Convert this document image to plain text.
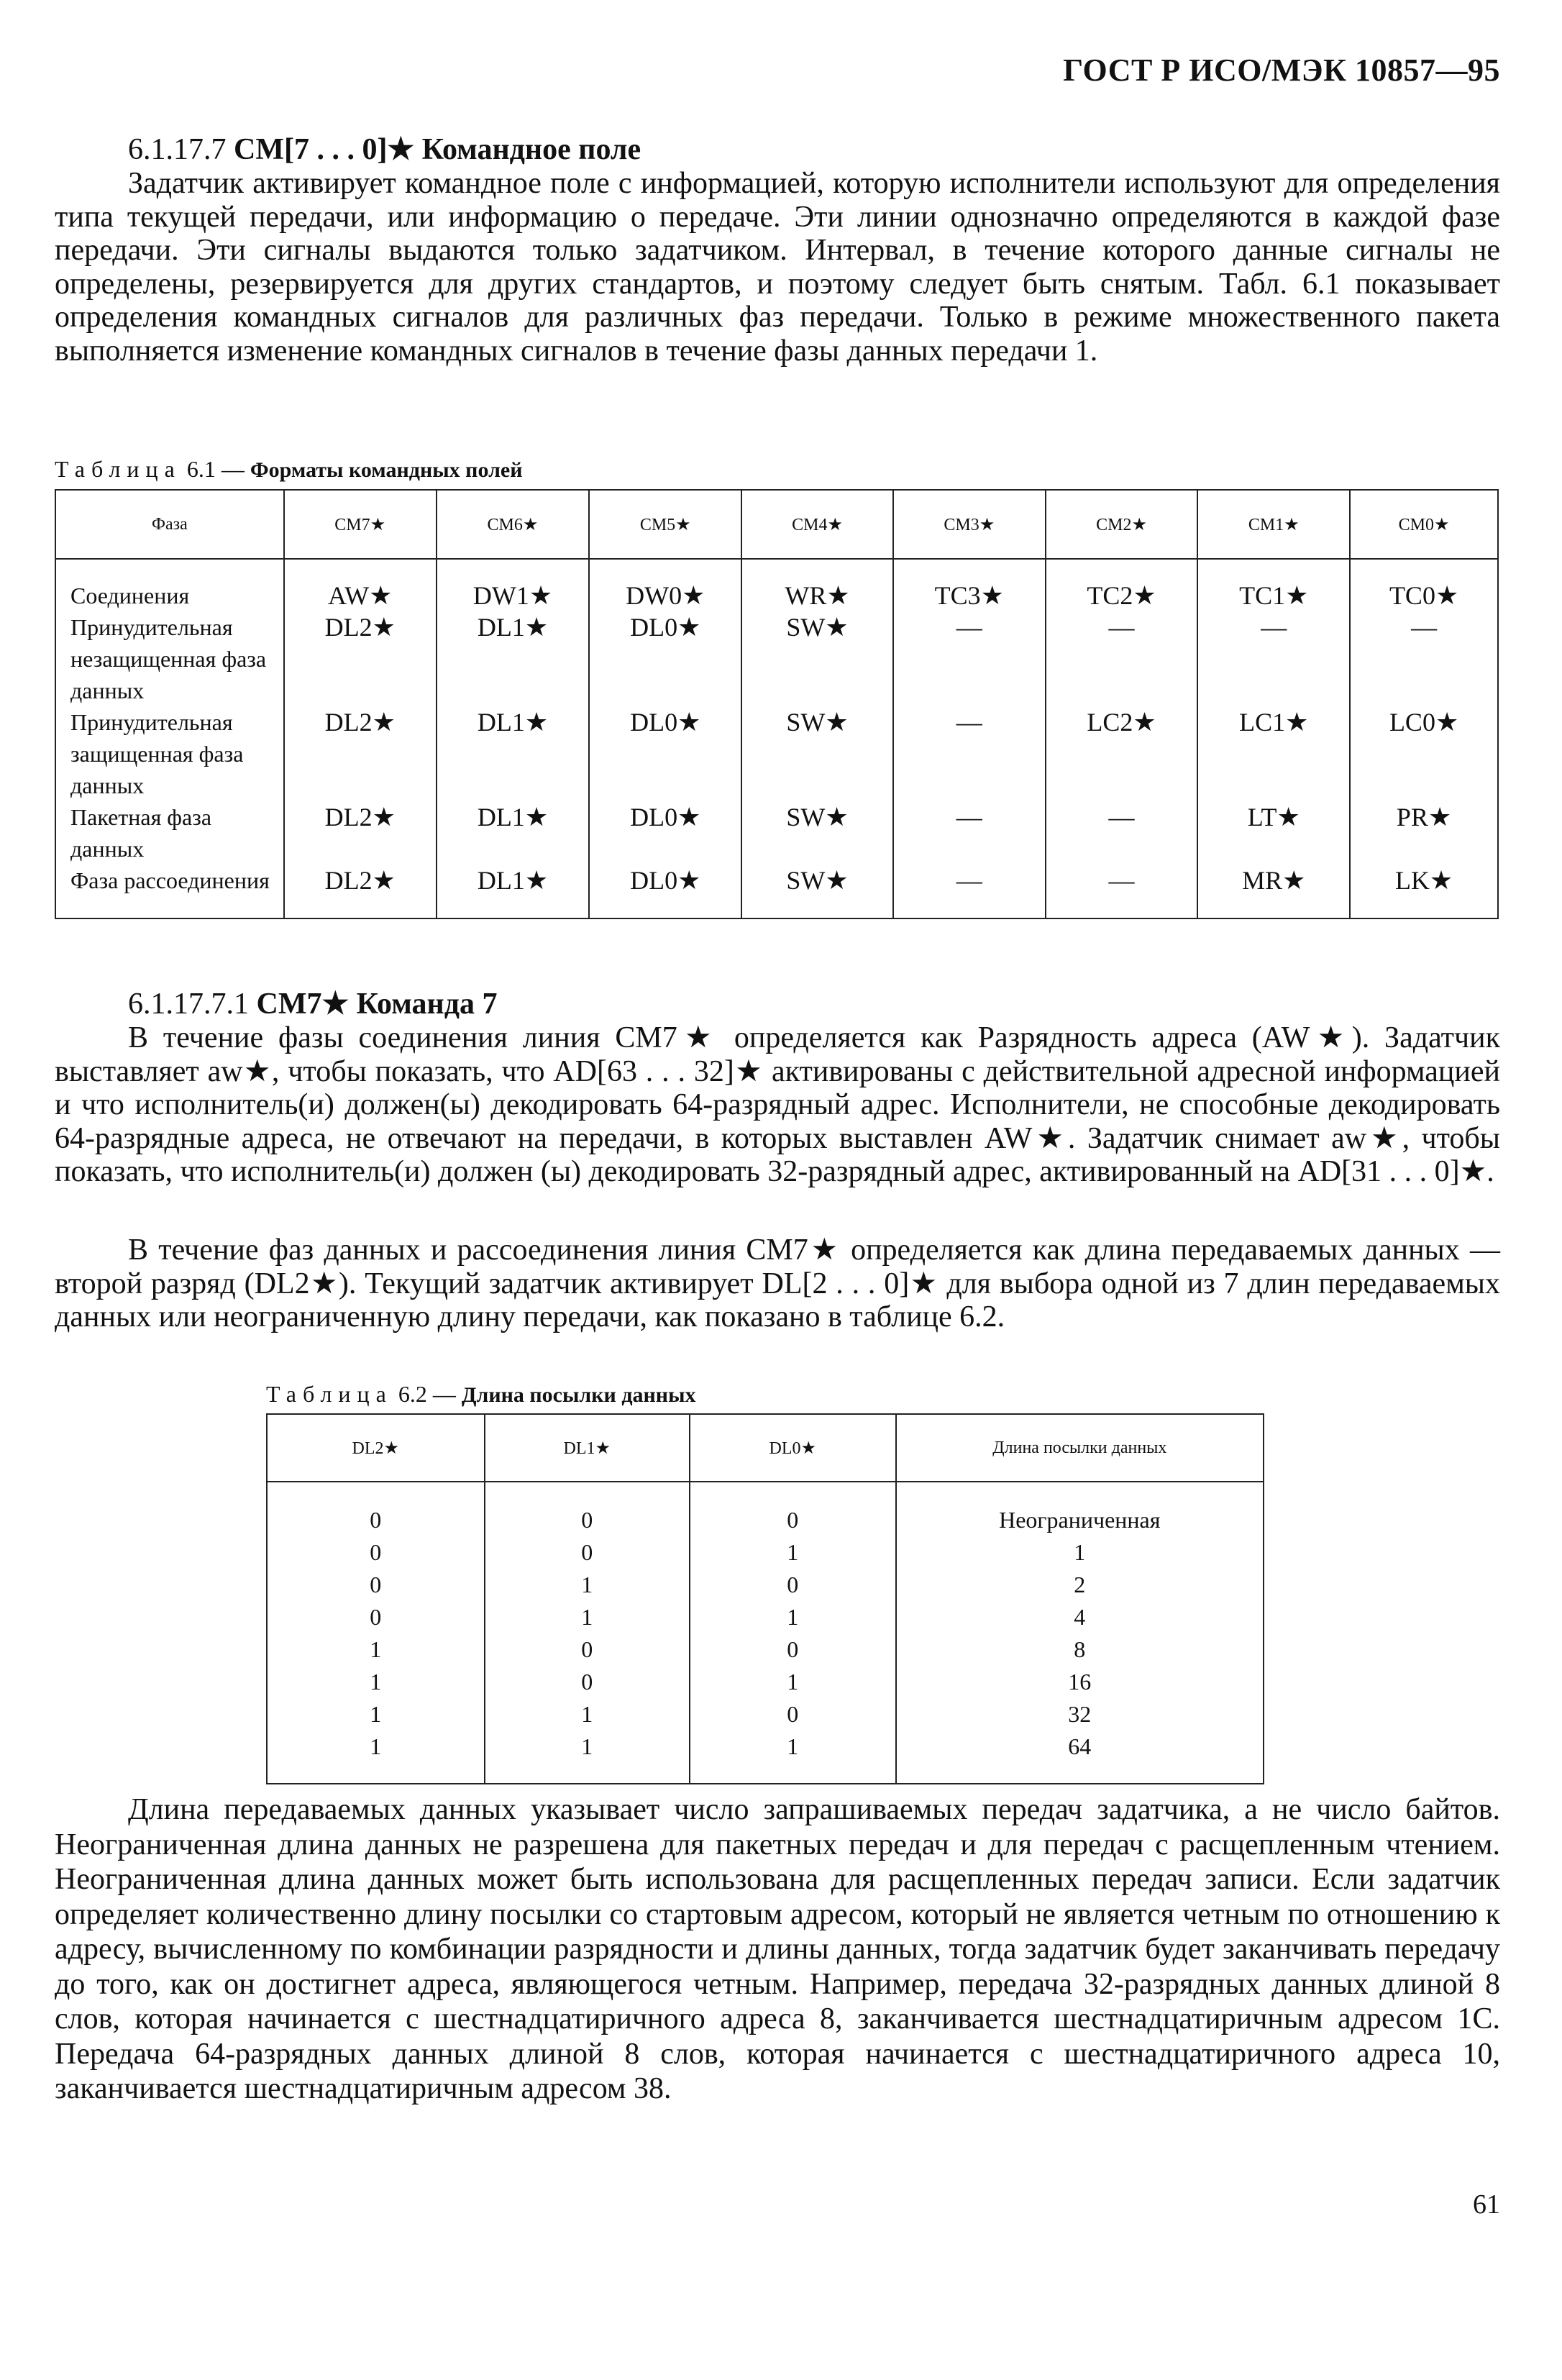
ГОСТ Р ИСО/МЭК 10857—95
6.1.17.7 CM[7 . . . 0]★ Командное поле

Задатчик активирует командное поле с информацией, которую исполнители используют для определения типа текущей передачи, или информацию о передаче. Эти линии однозначно определяются в каждой фазе передачи. Эти сигналы выдаются только задатчиком. Интервал, в течение которого данные сигналы не определены, резервируется для других стандартов, и поэтому следует быть снятым. Табл. 6.1 показывает определения командных сигналов для различных фаз передачи. Только в режиме множественного пакета выполняется изменение командных сигналов в течение фазы данных передачи 1.

Таблица 6.1 — Форматы командных полей
Фаза	CM7★	CM6★	CM5★	CM4★	CM3★	CM2★	CM1★	CM0★
Соединения	AW★	DW1★	DW0★	WR★	TC3★	TC2★	TC1★	TC0★
Принудительная незащищенная фаза данных	DL2★	DL1★	DL0★	SW★	—	—	—	—
Принудительная защищенная фаза данных	DL2★	DL1★	DL0★	SW★	—	LC2★	LC1★	LC0★
Пакетная фаза данных	DL2★	DL1★	DL0★	SW★	—	—	LT★	PR★
Фаза рассоединения	DL2★	DL1★	DL0★	SW★	—	—	MR★	LK★
6.1.17.7.1 CM7★ Команда 7

В течение фазы соединения линия CM7★ определяется как Разрядность адреса (AW★). Задатчик выставляет aw★, чтобы показать, что AD[63 . . . 32]★ активированы с действительной адресной информацией и что исполнитель(и) должен(ы) декодировать 64-разрядный адрес. Исполнители, не способные декодировать 64-разрядные адреса, не отвечают на передачи, в которых выставлен AW★. Задатчик снимает aw★, чтобы показать, что исполнитель(и) должен (ы) декодировать 32-разрядный адрес, активированный на AD[31 . . . 0]★.

В течение фаз данных и рассоединения линия CM7★ определяется как длина передаваемых данных — второй разряд (DL2★). Текущий задатчик активирует DL[2 . . . 0]★ для выбора одной из 7 длин передаваемых данных или неограниченную длину передачи, как показано в таблице 6.2.

Таблица 6.2 — Длина посылки данных
DL2★	DL1★	DL0★	Длина посылки данных
0	0	0	Неограниченная
0	0	1	1
0	1	0	2
0	1	1	4
1	0	0	8
1	0	1	16
1	1	0	32
1	1	1	64

Длина передаваемых данных указывает число запрашиваемых передач задатчика, а не число байтов. Неограниченная длина данных не разрешена для пакетных передач и для передач с расщепленным чтением. Неограниченная длина данных может быть использована для расщепленных передач записи. Если задатчик определяет количественно длину посылки со стартовым адресом, который не является четным по отношению к адресу, вычисленному по комбинации разрядности и длины данных, тогда задатчик будет заканчивать передачу до того, как он достигнет адреса, являющегося четным. Например, передача 32-разрядных данных длиной 8 слов, которая начинается с шестнадцатиричного адреса 8, заканчивается шестнадцатиричным адресом 1C. Передача 64-разрядных данных длиной 8 слов, которая начинается с шестнадцатиричного адреса 10, заканчивается шестнадцатиричным адресом 38.

61
